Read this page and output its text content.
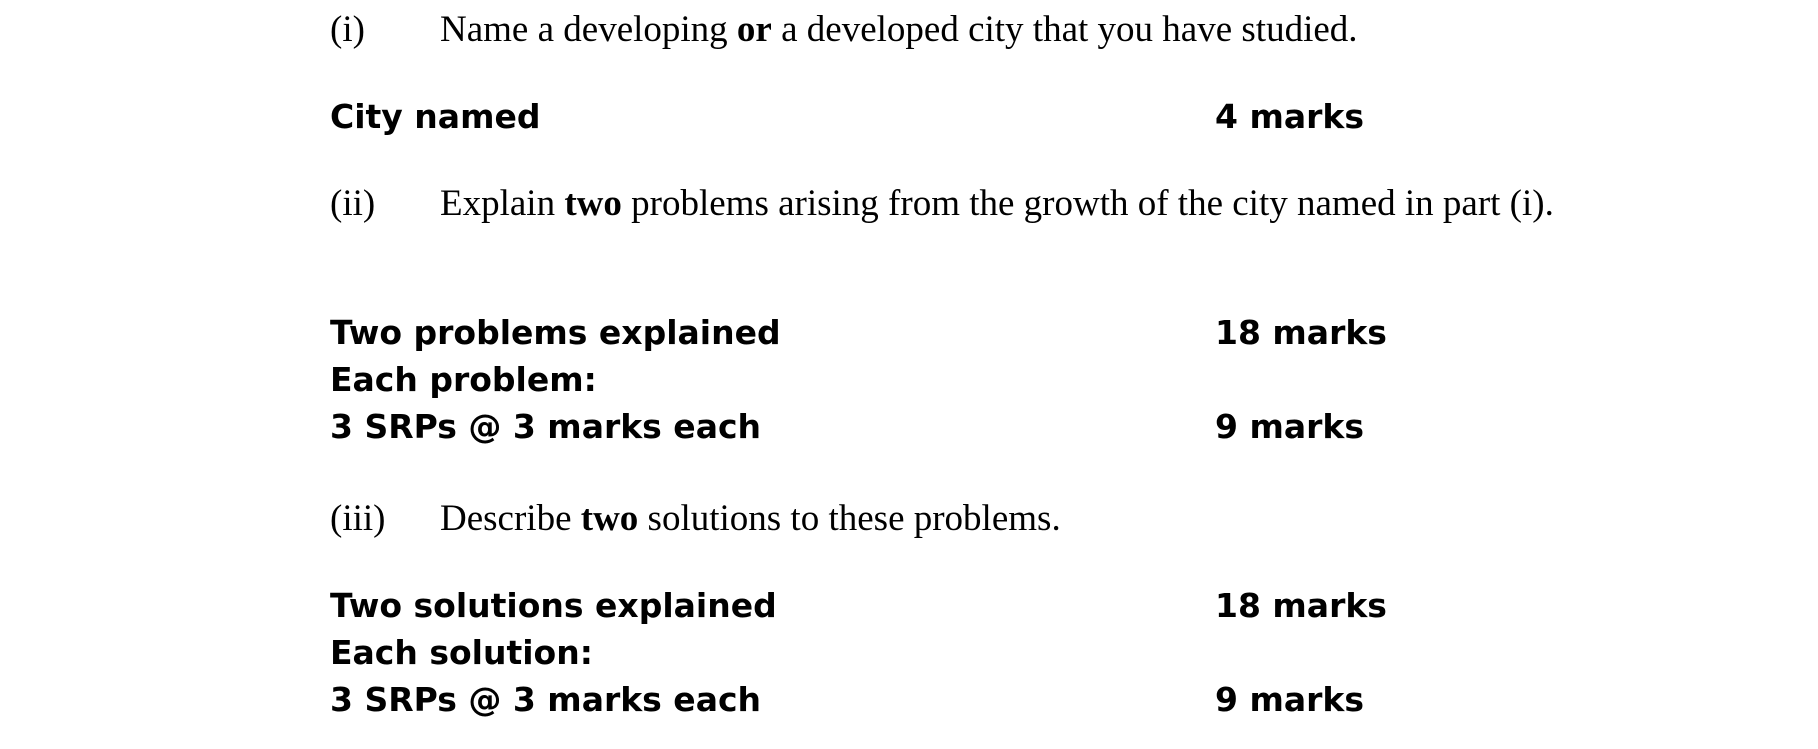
(i) Name a developing or a developed city that you have studied.
City named	4 marks
(ii) Explain two problems arising from the growth of the city named in part (i).
Two problems explained	18 marks
Each problem:
3 SRPs @ 3 marks each	9 marks
(iii) Describe two solutions to these problems.
Two solutions explained	18 marks
Each solution:
3 SRPs @ 3 marks each	9 marks
